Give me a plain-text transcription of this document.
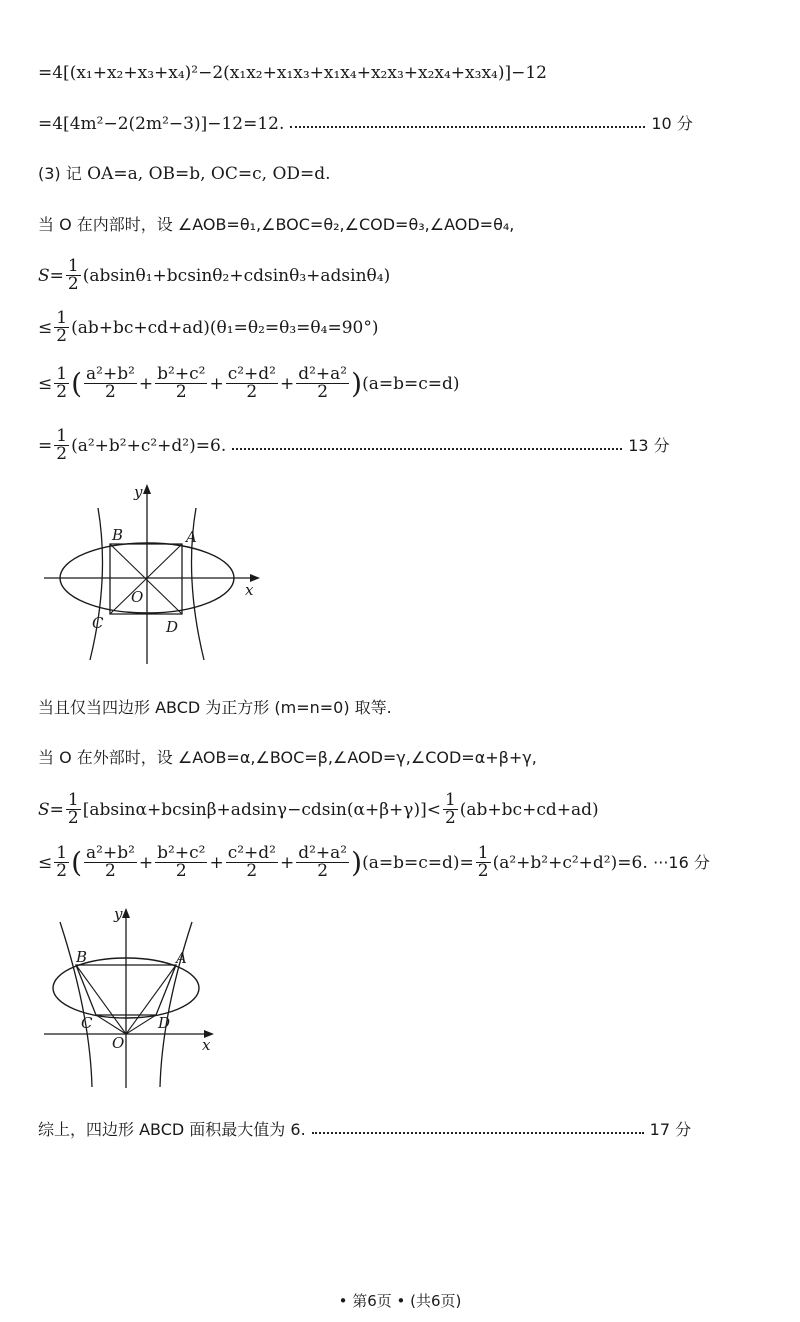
=4[(x₁+x₂+x₃+x₄)²−2(x₁x₂+x₁x₃+x₁x₄+x₂x₃+x₂x₄+x₃x₄)]−12
=4[4m²−2(2m²−3)]−12=12.	10 分
(3) 记
OA=a, OB=b, OC=c, OD=d.
当 O 在内部时，设 ∠AOB=θ₁,∠BOC=θ₂,∠COD=θ₃,∠AOD=θ₄,
$S = \frac{1}{2} (absin\theta_1+bcsin\theta_2+cdsin\theta_3+adsin\theta_4)$
≤ $\frac{1}{2} (ab+bc+cd+ad)(\theta_1=\theta_2=\theta_3=\theta_4=90^\circ)$
≤ $\frac{1}{2}$ ( $\frac{\text{a²+b²}}{2} + \frac{\text{b²+c²}}{2} + \frac{\text{c²+d²}}{2} + \frac{\text{d²+a²}}{2}$ ) (a=b=c=d)
= $\frac{1}{2} (a^2+b^2+c^2+d^2)=6$.	13 分
y
x
A
B
C	D
O
当且仅当四边形 ABCD 为正方形 (m=n=0) 取等.
当 O 在外部时，设 ∠AOB=α,∠BOC=β,∠AOD=γ,∠COD=α+β+γ,
$S = \frac{1}{2} [absin\alpha+bcsin\beta+adsin\gamma-cdsin(\alpha+\beta+\gamma)]< \frac{1}{2} (ab+bc+cd+ad)$
≤ $\frac{1}{2}$ ( $\frac{\text{a²+b²}}{2} + \frac{\text{b²+c²}}{2} + \frac{\text{c²+d²}}{2} + \frac{\text{d²+a²}}{2}$ ) $(a=b=c=d)= \frac{1}{2} (a^2+b^2+c^2+d^2)=6$.
···16 分
y
x
A
B
C	D
O
综上，四边形 ABCD 面积最大值为 6.	17 分
• 第6页 • (共6页)
